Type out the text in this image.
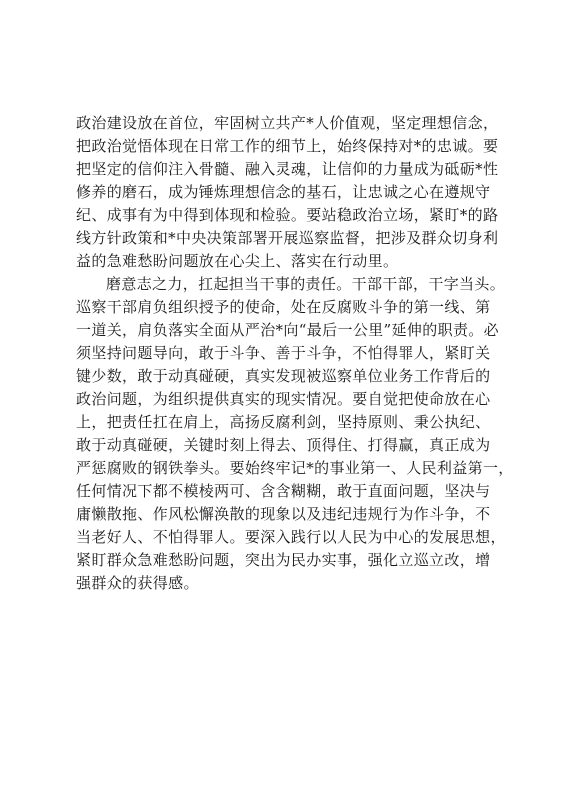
政治建设放在首位，牢固树立共产*人价值观，坚定理想信念，
把政治觉悟体现在日常工作的细节上，始终保持对*的忠诚。要
把坚定的信仰注入骨髓、融入灵魂，让信仰的力量成为砥砺*性
修养的磨石，成为锤炼理想信念的基石，让忠诚之心在遵规守
纪、成事有为中得到体现和检验。要站稳政治立场，紧盯*的路
线方针政策和*中央决策部署开展巡察监督，把涉及群众切身利
益的急难愁盼问题放在心尖上、落实在行动里。
磨意志之力，扛起担当干事的责任。干部干部，干字当头。
巡察干部肩负组织授予的使命，处在反腐败斗争的第一线、第
一道关，肩负落实全面从严治*向“最后一公里”延伸的职责。必
须坚持问题导向，敢于斗争、善于斗争，不怕得罪人，紧盯关
键少数，敢于动真碰硬，真实发现被巡察单位业务工作背后的
政治问题，为组织提供真实的现实情况。要自觉把使命放在心
上，把责任扛在肩上，高扬反腐利剑，坚持原则、秉公执纪、
敢于动真碰硬，关键时刻上得去、顶得住、打得赢，真正成为
严惩腐败的钢铁拳头。要始终牢记*的事业第一、人民利益第一，
任何情况下都不模棱两可、含含糊糊，敢于直面问题，坚决与
庸懒散拖、作风松懈涣散的现象以及违纪违规行为作斗争，不
当老好人、不怕得罪人。要深入践行以人民为中心的发展思想，
紧盯群众急难愁盼问题，突出为民办实事，强化立巡立改，增
强群众的获得感。
